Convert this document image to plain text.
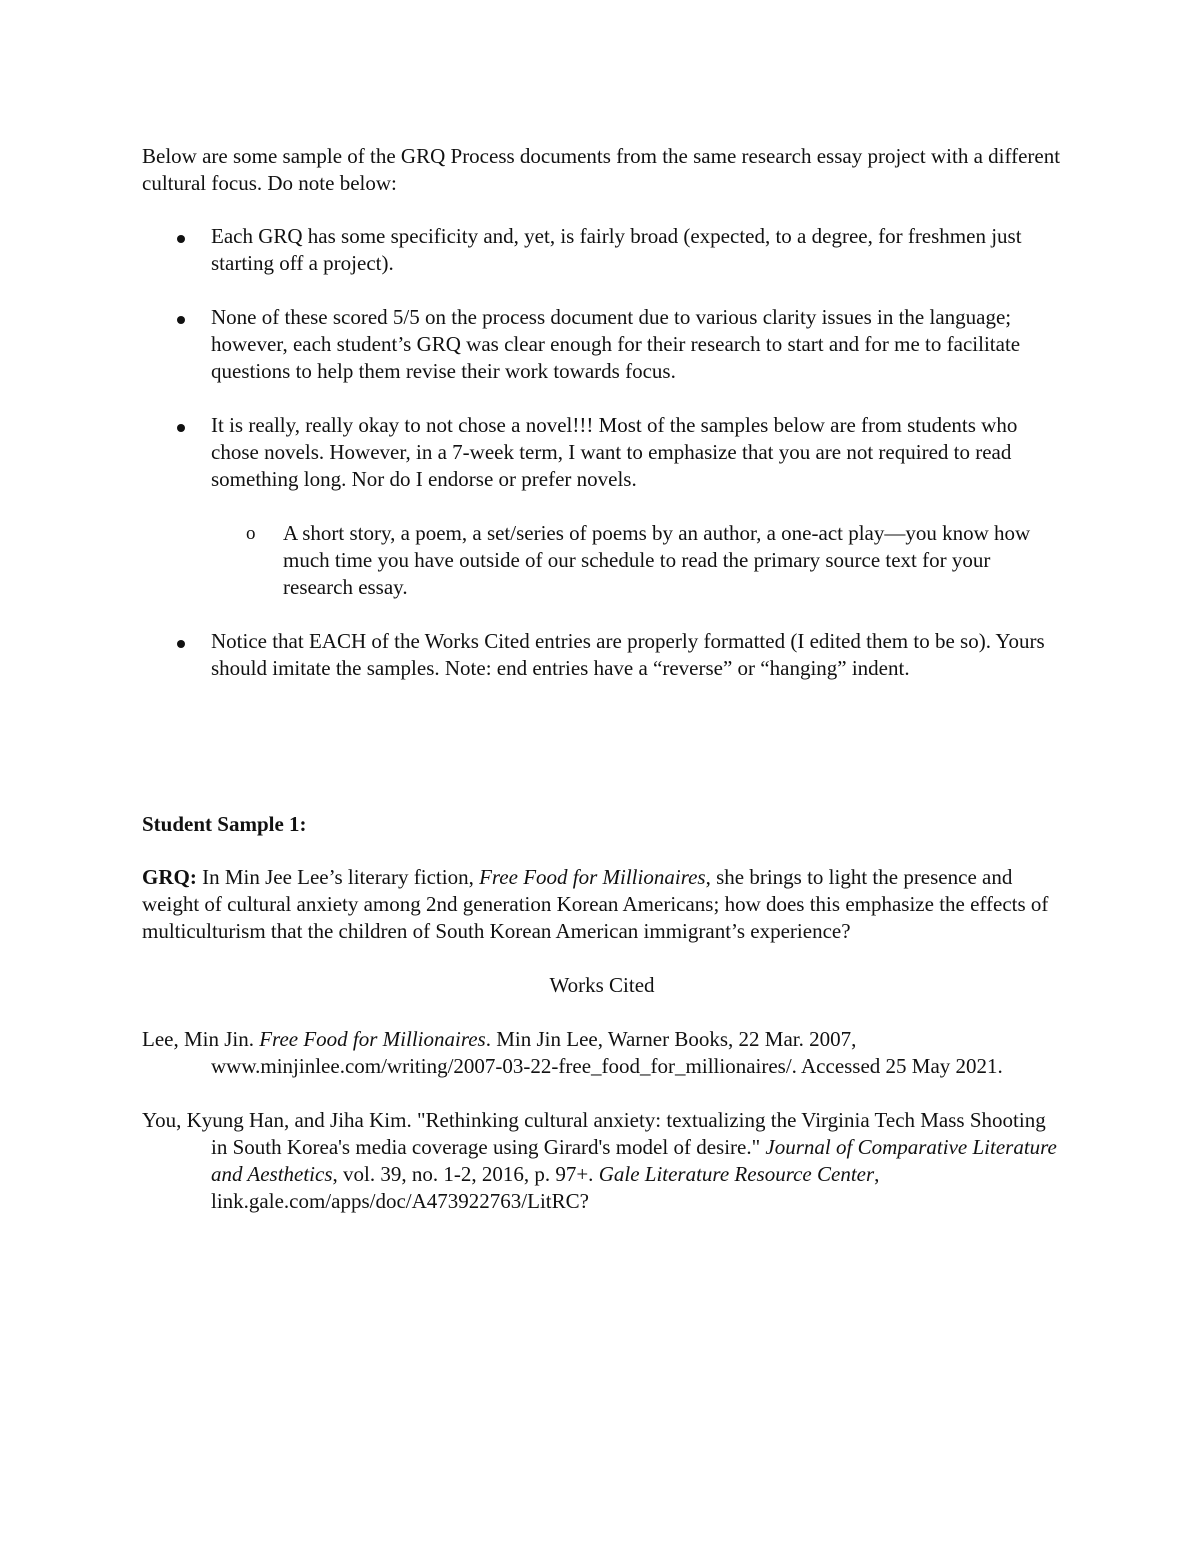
Below are some sample of the GRQ Process documents from the same research essay project with a different cultural focus. Do note below:

Each GRQ has some specificity and, yet, is fairly broad (expected, to a degree, for freshmen just starting off a project).
None of these scored 5/5 on the process document due to various clarity issues in the language; however, each student’s GRQ was clear enough for their research to start and for me to facilitate questions to help them revise their work towards focus.
It is really, really okay to not chose a novel!!! Most of the samples below are from students who chose novels. However, in a 7-week term, I want to emphasize that you are not required to read something long. Nor do I endorse or prefer novels.
o A short story, a poem, a set/series of poems by an author, a one-act play—you know how much time you have outside of our schedule to read the primary source text for your research essay.
Notice that EACH of the Works Cited entries are properly formatted (I edited them to be so). Yours should imitate the samples. Note: end entries have a “reverse” or “hanging” indent.

Student Sample 1:

GRQ: In Min Jee Lee’s literary fiction, Free Food for Millionaires, she brings to light the presence and weight of cultural anxiety among 2nd generation Korean Americans; how does this emphasize the effects of multiculturism that the children of South Korean American immigrant’s experience?

Works Cited

Lee, Min Jin. Free Food for Millionaires. Min Jin Lee, Warner Books, 22 Mar. 2007, www.minjinlee.com/writing/2007-03-22-free_food_for_millionaires/. Accessed 25 May 2021.

You, Kyung Han, and Jiha Kim. "Rethinking cultural anxiety: textualizing the Virginia Tech Mass Shooting in South Korea's media coverage using Girard's model of desire." Journal of Comparative Literature and Aesthetics, vol. 39, no. 1-2, 2016, p. 97+. Gale Literature Resource Center, link.gale.com/apps/doc/A473922763/LitRC?
